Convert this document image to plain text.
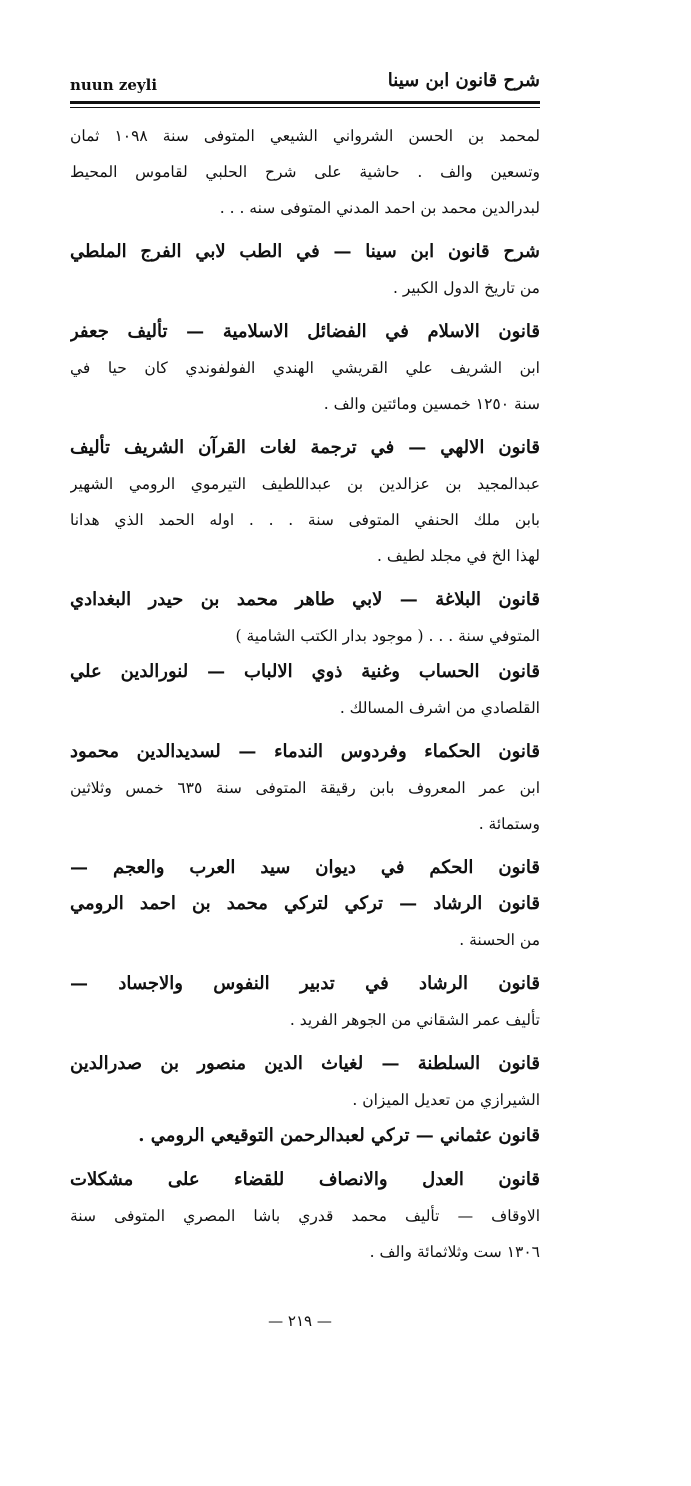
nuun zeyli	شرح قانون ابن سينا
لمحمد بن الحسن الشرواني الشيعي المتوفى سنة ١٠٩٨ ثمان
وتسعين والف . حاشية على شرح الحلبي لقاموس المحيط
لبدرالدين محمد بن احمد المدني المتوفى سنه . . .
شرح قانون ابن سينا — في الطب لابي الفرج الملطي
من تاريخ الدول الكبير .
قانون الاسلام في الفضائل الاسلامية — تأليف جعفر
ابن الشريف علي القريشي الهندي الفولفوندي كان حيا في
سنة ١٢٥٠ خمسين ومائتين والف .
قانون الالهي — في ترجمة لغات القرآن الشريف تأليف
عبدالمجيد بن عزالدين بن عبداللطيف التيرموي الرومي الشهير
بابن ملك الحنفي المتوفى سنة . . . اوله الحمد الذي هدانا
لهذا الخ في مجلد لطيف .
قانون البلاغة — لابي طاهر محمد بن حيدر البغدادي
المتوفي سنة . . . ( موجود بدار الكتب الشامية )
قانون الحساب وغنية ذوي الالباب — لنورالدين علي
القلصادي من اشرف المسالك .
قانون الحكماء وفردوس الندماء — لسديدالدين محمود
ابن عمر المعروف بابن رقيقة المتوفى سنة ٦٣٥ خمس وثلاثين
وستمائة .
قانون الحكم في ديوان سيد العرب والعجم —
قانون الرشاد — تركي لتركي محمد بن احمد الرومي
من الحسنة .
قانون الرشاد في تدبير النفوس والاجساد —
تأليف عمر الشقاني من الجوهر الفريد .
قانون السلطنة — لغياث الدين منصور بن صدرالدين
الشيرازي من تعديل الميزان .
قانون عثماني — تركي لعبدالرحمن التوقيعي الرومي .
قانون العدل والانصاف للقضاء على مشكلات
الاوقاف — تأليف محمد قدري باشا المصري المتوفى سنة
١٣٠٦ ست وثلاثمائة والف .
— ٢١٩ —
